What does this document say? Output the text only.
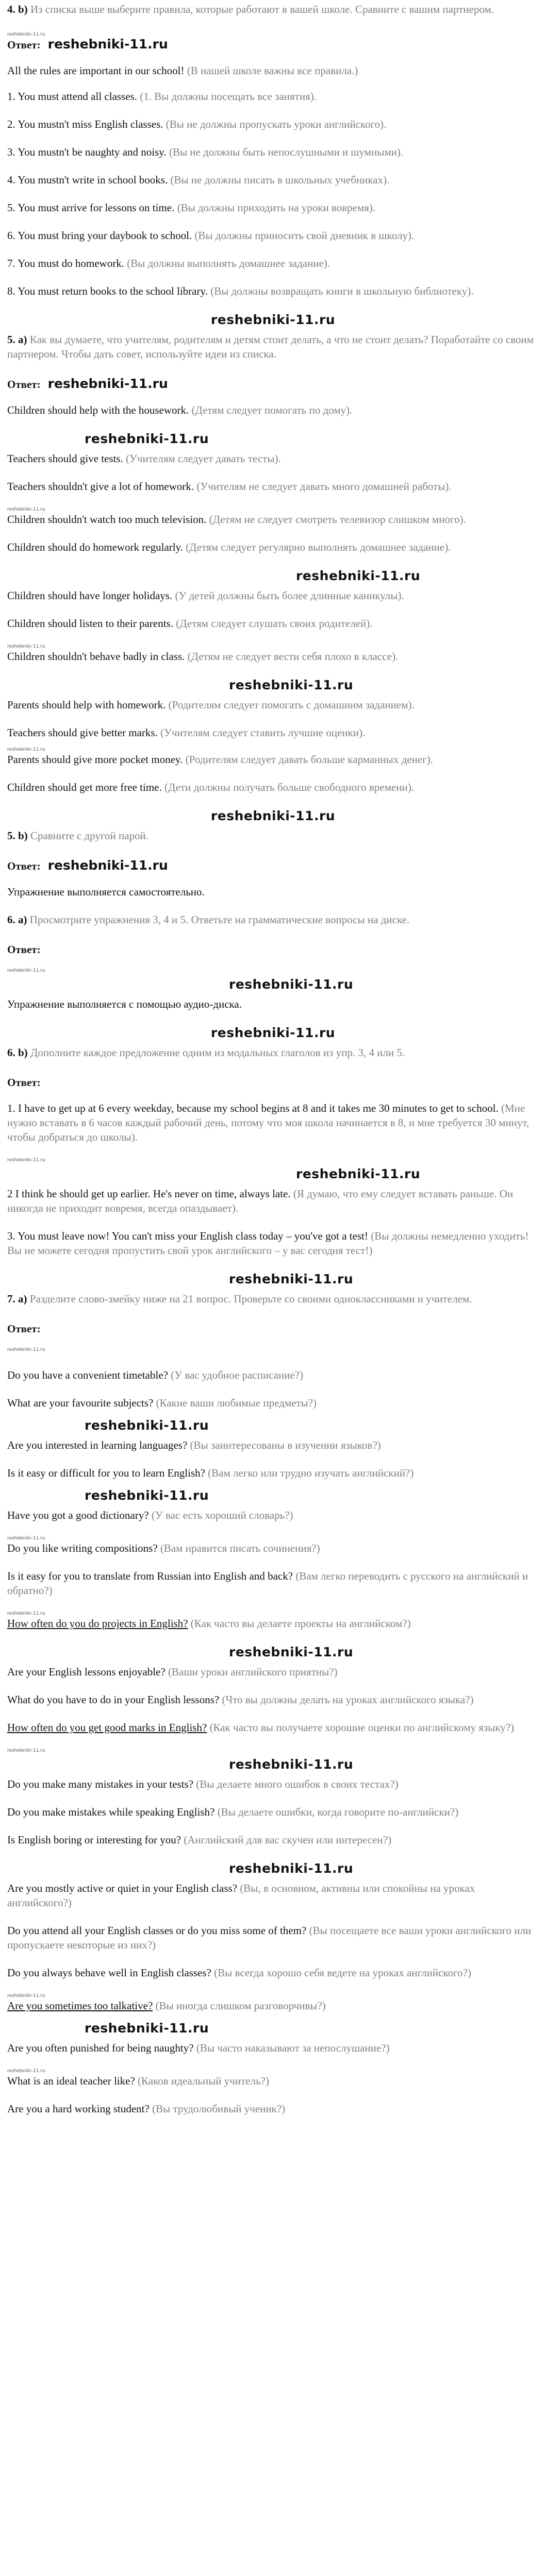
4. b) Из списка выше выберите правила, которые работают в вашей школе. Сравните с вашим партнером.

reshebniki-11.ru

Ответ: reshebniki-11.ru

All the rules are important in our school! (В нашей школе важны все правила.)

1. You must attend all classes. (1. Вы должны посещать все занятия).

2. You mustn't miss English classes. (Вы не должны пропускать уроки английского).

3. You mustn't be naughty and noisy. (Вы не должны быть непослушными и шумными).

4. You mustn't write in school books. (Вы не должны писать в школьных учебниках).

5. You must arrive for lessons on time. (Вы должны приходить на уроки вовремя).

6. You must bring your daybook to school. (Вы должны приносить свой дневник в школу).

7. You must do homework. (Вы должны выполнять домашнее задание).

8. You must return books to the school library. (Вы должны возвращать книги в школьную библиотеку).

reshebniki-11.ru

5. a) Как вы думаете, что учителям, родителям и детям стоит делать, а что не стоит делать? Поработайте со своим партнером. Чтобы дать совет, используйте идеи из списка.

Ответ: reshebniki-11.ru

Children should help with the housework. (Детям следует помогать по дому).

reshebniki-11.ru

Teachers should give tests. (Учителям следует давать тесты).

Teachers shouldn't give a lot of homework. (Учителям не следует давать много домашней работы).

reshebniki-11.ru

Children shouldn't watch too much television. (Детям не следует смотреть телевизор слишком много).

Children should do homework regularly. (Детям следует регулярно выполнять домашнее задание).

reshebniki-11.ru

Children should have longer holidays. (У детей должны быть более длинные каникулы).

Children should listen to their parents. (Детям следует слушать своих родителей).

reshebniki-11.ru

Children shouldn't behave badly in class. (Детям не следует вести себя плохо в классе).

reshebniki-11.ru

Parents should help with homework. (Родителям следует помогать с домашним заданием).

Teachers should give better marks. (Учителям следует ставить лучшие оценки).

reshebniki-11.ru

Parents should give more pocket money. (Родителям следует давать больше карманных денег).

Children should get more free time. (Дети должны получать больше свободного времени).

reshebniki-11.ru

5. b) Сравните с другой парой.

Ответ: reshebniki-11.ru

Упражнение выполняется самостоятельно.

6. a) Просмотрите упражнения 3, 4 и 5. Ответьте на грамматические вопросы на диске.

Ответ:

reshebniki-11.ru
reshebniki-11.ru

Упражнение выполняется с помощью аудио-диска.

reshebniki-11.ru

6. b) Дополните каждое предложение одним из модальных глаголов из упр. 3, 4 или 5.

Ответ:

1. I have to get up at 6 every weekday, because my school begins at 8 and it takes me 30 minutes to get to school. (Мне нужно вставать в 6 часов каждый рабочий день, потому что моя школа начинается в 8, и мне требуется 30 минут, чтобы добраться до школы).

reshebniki-11.ru
reshebniki-11.ru

2 I think he should get up earlier. He's never on time, always late. (Я думаю, что ему следует вставать раньше. Он никогда не приходит вовремя, всегда опаздывает).

3. You must leave now! You can't miss your English class today – you've got a test! (Вы должны немедленно уходить! Вы не можете сегодня пропустить свой урок английского – у вас сегодня тест!)

reshebniki-11.ru

7. a) Разделите слово-змейку ниже на 21 вопрос. Проверьте со своими одноклассниками и учителем.

Ответ:

reshebniki-11.ru

Do you have a convenient timetable? (У вас удобное расписание?)

What are your favourite subjects? (Какие ваши любимые предметы?)

reshebniki-11.ru

Are you interested in learning languages? (Вы заинтересованы в изучении языков?)

Is it easy or difficult for you to learn English? (Вам легко или трудно изучать английский?)

reshebniki-11.ru

Have you got a good dictionary? (У вас есть хороший словарь?)

reshebniki-11.ru

Do you like writing compositions? (Вам нравится писать сочинения?)

Is it easy for you to translate from Russian into English and back? (Вам легко переводить с русского на английский и обратно?)

reshebniki-11.ru

How often do you do projects in English? (Как часто вы делаете проекты на английском?)

reshebniki-11.ru

Are your English lessons enjoyable? (Ваши уроки английского приятны?)

What do you have to do in your English lessons? (Что вы должны делать на уроках английского языка?)

How often do you get good marks in English? (Как часто вы получаете хорошие оценки по английскому языку?)

reshebniki-11.ru
reshebniki-11.ru

Do you make many mistakes in your tests? (Вы делаете много ошибок в своих тестах?)

Do you make mistakes while speaking English? (Вы делаете ошибки, когда говорите по-английски?)

Is English boring or interesting for you? (Английский для вас скучен или интересен?)

reshebniki-11.ru

Are you mostly active or quiet in your English class? (Вы, в основном, активны или спокойны на уроках английского?)

Do you attend all your English classes or do you miss some of them? (Вы посещаете все ваши уроки английского или пропускаете некоторые из них?)

Do you always behave well in English classes? (Вы всегда хорошо себя ведете на уроках английского?)

reshebniki-11.ru

Are you sometimes too talkative? (Вы иногда слишком разговорчивы?)

reshebniki-11.ru

Are you often punished for being naughty? (Вы часто наказывают за непослушание?)

reshebniki-11.ru

What is an ideal teacher like? (Каков идеальный учитель?)

Are you a hard working student? (Вы трудолюбивый ученик?)
